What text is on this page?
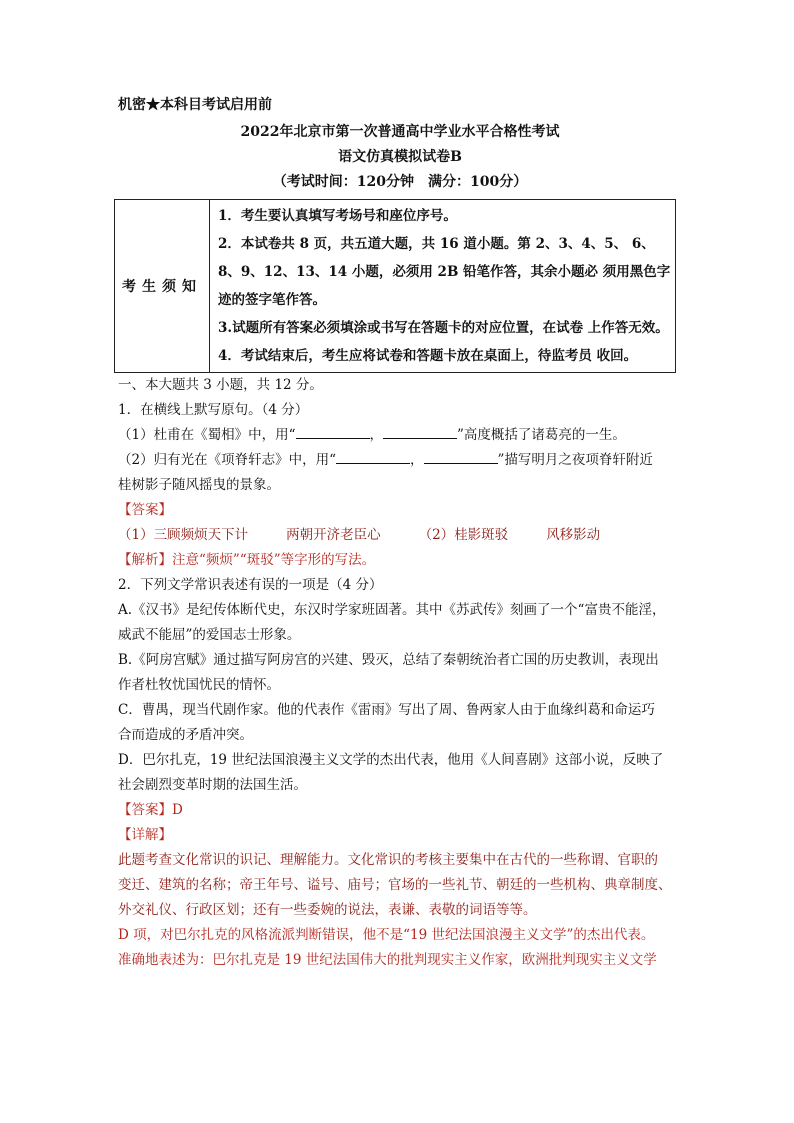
机密★本科目考试启用前

2022年北京市第一次普通高中学业水平合格性考试
语文仿真模拟试卷B
（考试时间：120分钟　满分：100分）
考生须知	

1．考生要认真填写考场号和座位序号。

2．本试卷共 8 页，共五道大题，共 16 道小题。第 2、3、4、5、 6、8、9、12、13、14 小题，必须用 2B 铅笔作答，其余小题必 须用黑色字迹的签字笔作答。

3.试题所有答案必须填涂或书写在答题卡的对应位置，在试卷 上作答无效。

4．考试结束后，考生应将试卷和答题卡放在桌面上，待监考员 收回。

一、本大题共 3 小题，共 12 分。

1．在横线上默写原句。（4 分）

（1）杜甫在《蜀相》中，用“	，	”高度概括了诸葛亮的一生。

（2）归有光在《项脊轩志》中，用“	，	”描写明月之夜项脊轩附近

桂树影子随风摇曳的景象。

【答案】

（1）三顾频烦天下计	两朝开济老臣心	（2）桂影斑驳	风移影动

【解析】注意“频烦”“斑驳”等字形的写法。

2．下列文学常识表述有误的一项是（4 分）

A.《汉书》是纪传体断代史，东汉时学家班固著。其中《苏武传》刻画了一个“富贵不能淫，

威武不能屈”的爱国志士形象。

B.《阿房宫赋》通过描写阿房宫的兴建、毁灭，总结了秦朝统治者亡国的历史教训，表现出

作者杜牧忧国忧民的情怀。

C．曹禺，现当代剧作家。他的代表作《雷雨》写出了周、鲁两家人由于血缘纠葛和命运巧

合而造成的矛盾冲突。

D．巴尔扎克，19 世纪法国浪漫主义文学的杰出代表，他用《人间喜剧》这部小说，反映了

社会剧烈变革时期的法国生活。

【答案】D

【详解】

此题考查文化常识的识记、理解能力。文化常识的考核主要集中在古代的一些称谓、官职的

变迁、建筑的名称；帝王年号、谥号、庙号；官场的一些礼节、朝廷的一些机构、典章制度、

外交礼仪、行政区划；还有一些委婉的说法，表谦、表敬的词语等等。

D 项，对巴尔扎克的风格流派判断错误，他不是“19 世纪法国浪漫主义文学”的杰出代表。

准确地表述为：巴尔扎克是 19 世纪法国伟大的批判现实主义作家，欧洲批判现实主义文学
